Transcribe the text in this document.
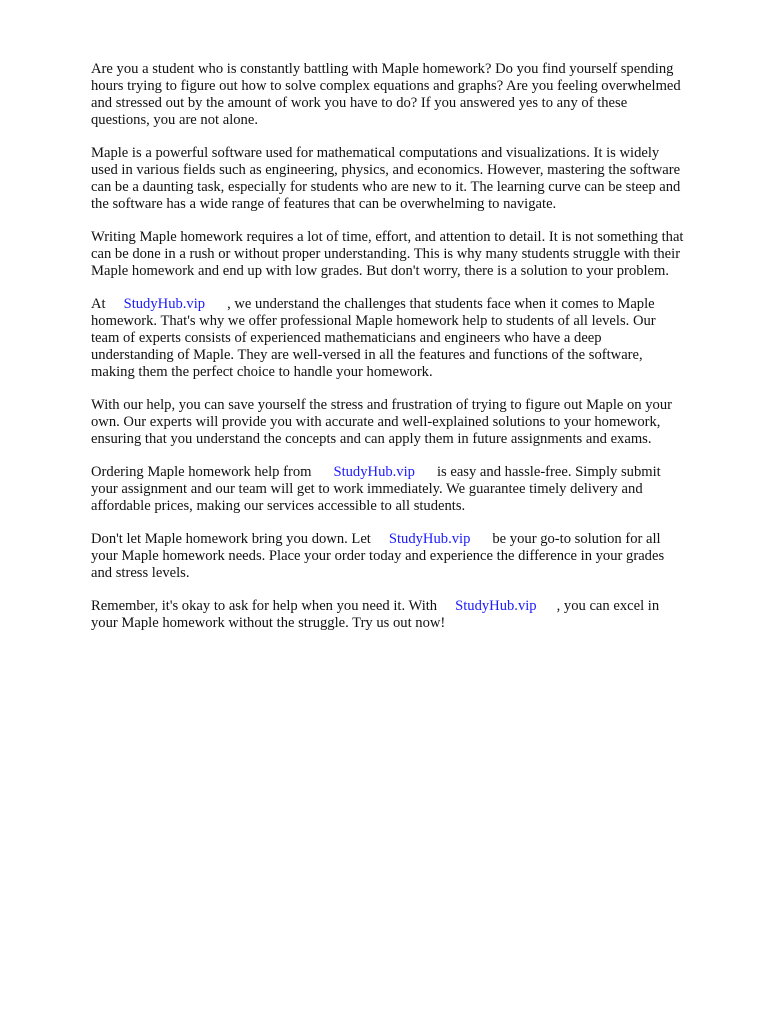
Are you a student who is constantly battling with Maple homework? Do you find yourself spending
hours trying to figure out how to solve complex equations and graphs? Are you feeling overwhelmed
and stressed out by the amount of work you have to do? If you answered yes to any of these
questions, you are not alone.

Maple is a powerful software used for mathematical computations and visualizations. It is widely
used in various fields such as engineering, physics, and economics. However, mastering the software
can be a daunting task, especially for students who are new to it. The learning curve can be steep and
the software has a wide range of features that can be overwhelming to navigate.

Writing Maple homework requires a lot of time, effort, and attention to detail. It is not something that
can be done in a rush or without proper understanding. This is why many students struggle with their
Maple homework and end up with low grades. But don't worry, there is a solution to your problem.

At StudyHub.vip , we understand the challenges that students face when it comes to Maple
homework. That's why we offer professional Maple homework help to students of all levels. Our
team of experts consists of experienced mathematicians and engineers who have a deep
understanding of Maple. They are well-versed in all the features and functions of the software,
making them the perfect choice to handle your homework.

With our help, you can save yourself the stress and frustration of trying to figure out Maple on your
own. Our experts will provide you with accurate and well-explained solutions to your homework,
ensuring that you understand the concepts and can apply them in future assignments and exams.

Ordering Maple homework help from StudyHub.vip is easy and hassle-free. Simply submit
your assignment and our team will get to work immediately. We guarantee timely delivery and
affordable prices, making our services accessible to all students.

Don't let Maple homework bring you down. Let StudyHub.vip be your go-to solution for all
your Maple homework needs. Place your order today and experience the difference in your grades
and stress levels.

Remember, it's okay to ask for help when you need it. With StudyHub.vip , you can excel in
your Maple homework without the struggle. Try us out now!
